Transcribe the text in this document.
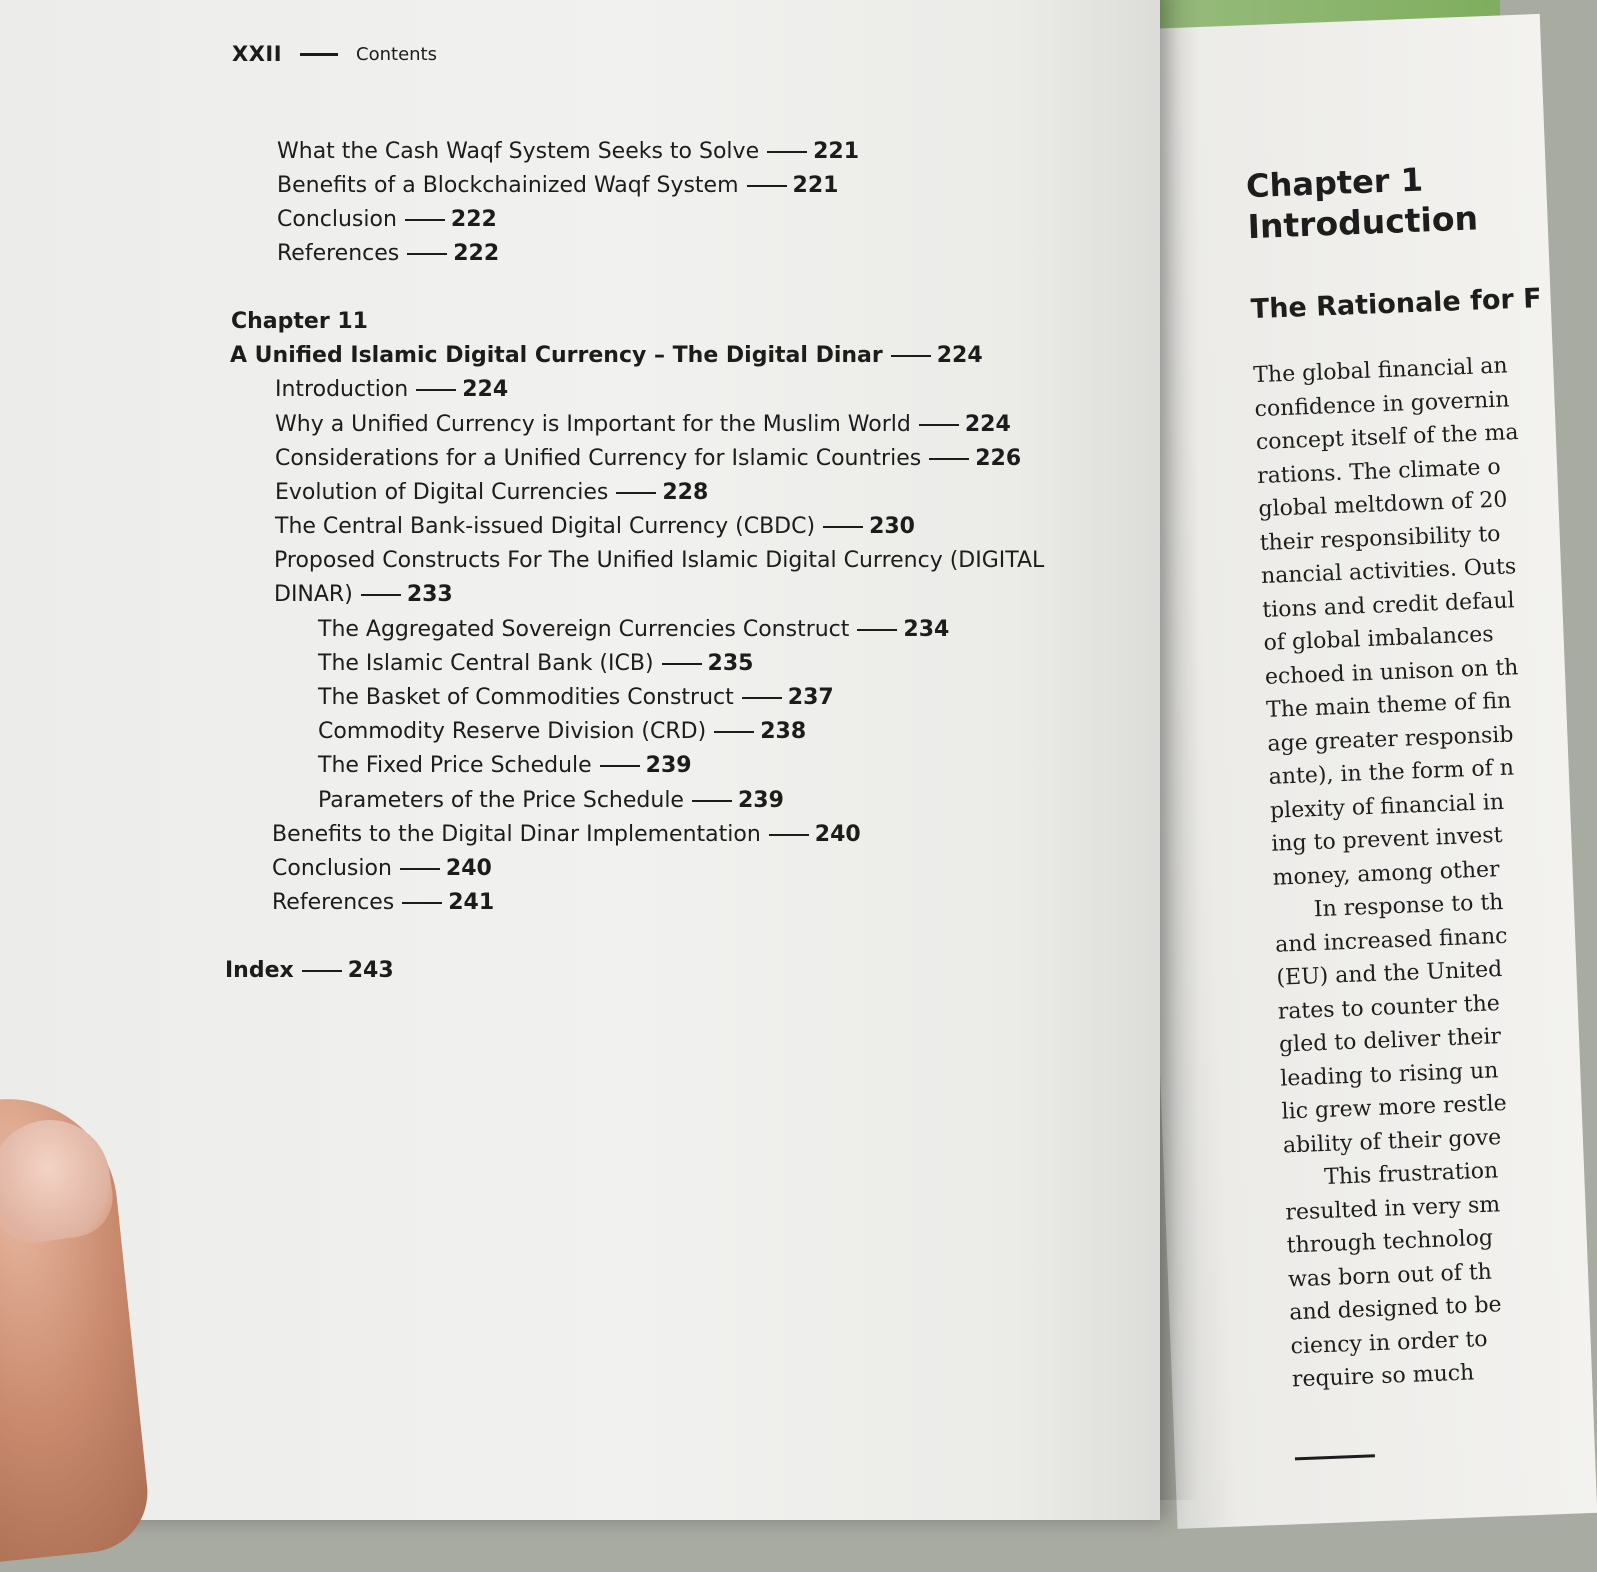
Chapter 1
Introduction
The Rationale for F
The global financial an
confidence in governin
concept itself of the ma
rations. The climate o
global meltdown of 20
their responsibility to
nancial activities. Outs
tions and credit defaul
of global imbalances
echoed in unison on th
The main theme of fin
age greater responsib
ante), in the form of n
plexity of financial in
ing to prevent invest
money, among other
In response to th
and increased financ
(EU) and the United
rates to counter the
gled to deliver their
leading to rising un
lic grew more restle
ability of their gove
This frustration
resulted in very sm
through technolog
was born out of th
and designed to be
ciency in order to
require so much
XXII	Contents
What the Cash Waqf System Seeks to Solve 221
Benefits of a Blockchainized Waqf System 221
Conclusion 222
References 222
Chapter 11
A Unified Islamic Digital Currency – The Digital Dinar 224
Introduction 224
Why a Unified Currency is Important for the Muslim World 224
Considerations for a Unified Currency for Islamic Countries 226
Evolution of Digital Currencies 228
The Central Bank-issued Digital Currency (CBDC) 230
Proposed Constructs For The Unified Islamic Digital Currency (DIGITAL
DINAR) 233
The Aggregated Sovereign Currencies Construct 234
The Islamic Central Bank (ICB) 235
The Basket of Commodities Construct 237
Commodity Reserve Division (CRD) 238
The Fixed Price Schedule 239
Parameters of the Price Schedule 239
Benefits to the Digital Dinar Implementation 240
Conclusion 240
References 241
Index 243
